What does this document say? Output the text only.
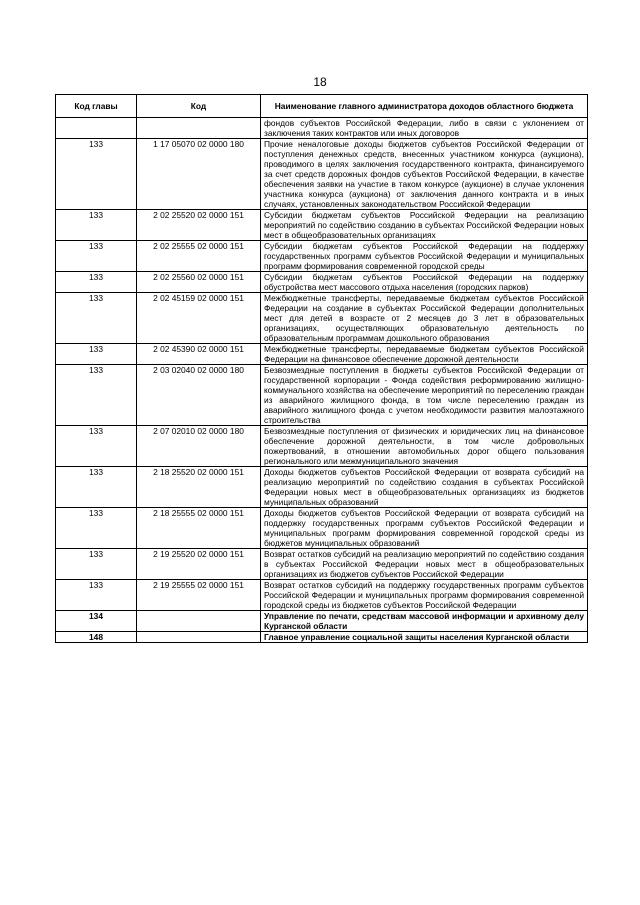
18
Код главы	Код	Наименование главного администратора доходов областного бюджета
		фондов субъектов Российской Федерации, либо в связи с уклонением от заключения таких контрактов или иных договоров
133	1 17 05070 02 0000 180	Прочие неналоговые доходы бюджетов субъектов Российской Федерации от поступления денежных средств, внесенных участником конкурса (аукциона), проводимого в целях заключения государственного контракта, финансируемого за счет средств дорожных фондов субъектов Российской Федерации, в качестве обеспечения заявки на участие в таком конкурсе (аукционе) в случае уклонения участника конкурса (аукциона) от заключения данного контракта и в иных случаях, установленных законодательством Российской Федерации
133	2 02 25520 02 0000 151	Субсидии бюджетам субъектов Российской Федерации на реализацию мероприятий по содействию созданию в субъектах Российской Федерации новых мест в общеобразовательных организациях
133	2 02 25555 02 0000 151	Субсидии бюджетам субъектов Российской Федерации на поддержку государственных программ субъектов Российской Федерации и муниципальных программ формирования современной городской среды
133	2 02 25560 02 0000 151	Субсидии бюджетам субъектов Российской Федерации на поддержку обустройства мест массового отдыха населения (городских парков)
133	2 02 45159 02 0000 151	Межбюджетные трансферты, передаваемые бюджетам субъектов Российской Федерации на создание в субъектах Российской Федерации дополнительных мест для детей в возрасте от 2 месяцев до 3 лет в образовательных организациях, осуществляющих образовательную деятельность по образовательным программам дошкольного образования
133	2 02 45390 02 0000 151	Межбюджетные трансферты, передаваемые бюджетам субъектов Российской Федерации на финансовое обеспечение дорожной деятельности
133	2 03 02040 02 0000 180	Безвозмездные поступления в бюджеты субъектов Российской Федерации от государственной корпорации - Фонда содействия реформированию жилищно-коммунального хозяйства на обеспечение мероприятий по переселению граждан из аварийного жилищного фонда, в том числе переселению граждан из аварийного жилищного фонда с учетом необходимости развития малоэтажного строительства
133	2 07 02010 02 0000 180	Безвозмездные поступления от физических и юридических лиц на финансовое обеспечение дорожной деятельности, в том числе добровольных пожертвований, в отношении автомобильных дорог общего пользования регионального или межмуниципального значения
133	2 18 25520 02 0000 151	Доходы бюджетов субъектов Российской Федерации от возврата субсидий на реализацию мероприятий по содействию создания в субъектах Российской Федерации новых мест в общеобразовательных организациях из бюджетов муниципальных образований
133	2 18 25555 02 0000 151	Доходы бюджетов субъектов Российской Федерации от возврата субсидий на поддержку государственных программ субъектов Российской Федерации и муниципальных программ формирования современной городской среды из бюджетов муниципальных образований
133	2 19 25520 02 0000 151	Возврат остатков субсидий на реализацию мероприятий по содействию создания в субъектах Российской Федерации новых мест в общеобразовательных организациях из бюджетов субъектов Российской Федерации
133	2 19 25555 02 0000 151	Возврат остатков субсидий на поддержку государственных программ субъектов Российской Федерации и муниципальных программ формирования современной городской среды из бюджетов субъектов Российской Федерации
134		Управление по печати, средствам массовой информации и архивному делу Курганской области
148		Главное управление социальной защиты населения Курганской области
